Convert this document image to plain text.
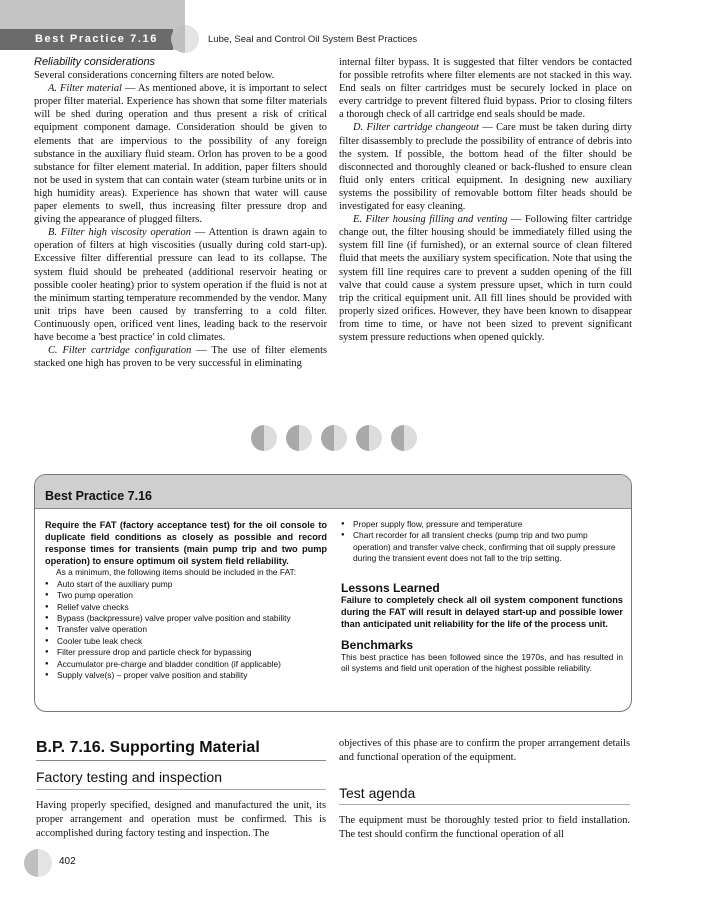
Best Practice 7.16	Lube, Seal and Control Oil System Best Practices

Reliability considerations

Several considerations concerning filters are noted below.

A. Filter material — As mentioned above, it is important to select proper filter material. Experience has shown that some filter materials will be shed during operation and thus present a risk of critical equipment component damage. Consideration should be given to elements that are impervious to the possibility of any foreign substance in the auxiliary fluid steam. Orlon has proven to be a good substance for filter element material. In addition, paper filters should not be used in system that can contain water (steam turbine units or in high humidity areas). Experience has shown that water will cause paper elements to swell, thus increasing filter pressure drop and giving the appearance of plugged filters.

B. Filter high viscosity operation — Attention is drawn again to operation of filters at high viscosities (usually during cold start-up). Excessive filter differential pressure can lead to its collapse. The system fluid should be preheated (additional reservoir heating or possible cooler heating) prior to system operation if the fluid is not at the minimum starting temperature recommended by the vendor. Many unit trips have been caused by transferring to a cold filter. Continuously open, orificed vent lines, leading back to the reservoir have become a 'best practice' in cold climates.

C. Filter cartridge configuration — The use of filter elements stacked one high has proven to be very successful in eliminating

internal filter bypass. It is suggested that filter vendors be contacted for possible retrofits where filter elements are not stacked in this way. End seals on filter cartridges must be securely locked in place on every cartridge to prevent filtered fluid bypass. Prior to closing filters a thorough check of all cartridge end seals should be made.

D. Filter cartridge changeout — Care must be taken during dirty filter disassembly to preclude the possibility of entrance of debris into the system. If possible, the bottom head of the filter should be disconnected and thoroughly cleaned or back-flushed to ensure clean fluid only enters critical equipment. In designing new auxiliary systems the possibility of removable bottom filter heads should be investigated for easy cleaning.

E. Filter housing filling and venting — Following filter cartridge change out, the filter housing should be immediately filled using the system fill line (if furnished), or an external source of clean filtered fluid that meets the auxiliary system specification. Note that using the system fill line requires care to prevent a sudden opening of the fill valve that could cause a system pressure upset, which in turn could trip the critical equipment unit. All fill lines should be provided with properly sized orifices. However, they have been known to disappear from time to time, or have not been sized to prevent significant system pressure reductions when opened quickly.

Best Practice 7.16

Require the FAT (factory acceptance test) for the oil console to duplicate field conditions as closely as possible and record response times for transients (main pump trip and two pump operation) to ensure optimum oil system field reliability.

As a minimum, the following items should be included in the FAT:

● Auto start of the auxiliary pump
● Two pump operation
● Relief valve checks
● Bypass (backpressure) valve proper valve position and stability
● Transfer valve operation
● Cooler tube leak check
● Filter pressure drop and particle check for bypassing
● Accumulator pre-charge and bladder condition (if applicable)
● Supply valve(s) – proper valve position and stability
● Proper supply flow, pressure and temperature
● Chart recorder for all transient checks (pump trip and two pump operation) and transfer valve check, confirming that oil supply pressure during the transient event does not fall to the trip setting.

Lessons Learned

Failure to completely check all oil system component functions during the FAT will result in delayed start-up and possible lower than anticipated unit reliability for the life of the process unit.

Benchmarks

This best practice has been followed since the 1970s, and has resulted in oil systems and field unit operation of the highest possible reliability.

B.P. 7.16. Supporting Material
Factory testing and inspection

Having properly specified, designed and manufactured the unit, its proper arrangement and operation must be confirmed. This is accomplished during factory testing and inspection. The

objectives of this phase are to confirm the proper arrangement details and functional operation of the equipment.

Test agenda

The equipment must be thoroughly tested prior to field installation. The test should confirm the functional operation of all

402
